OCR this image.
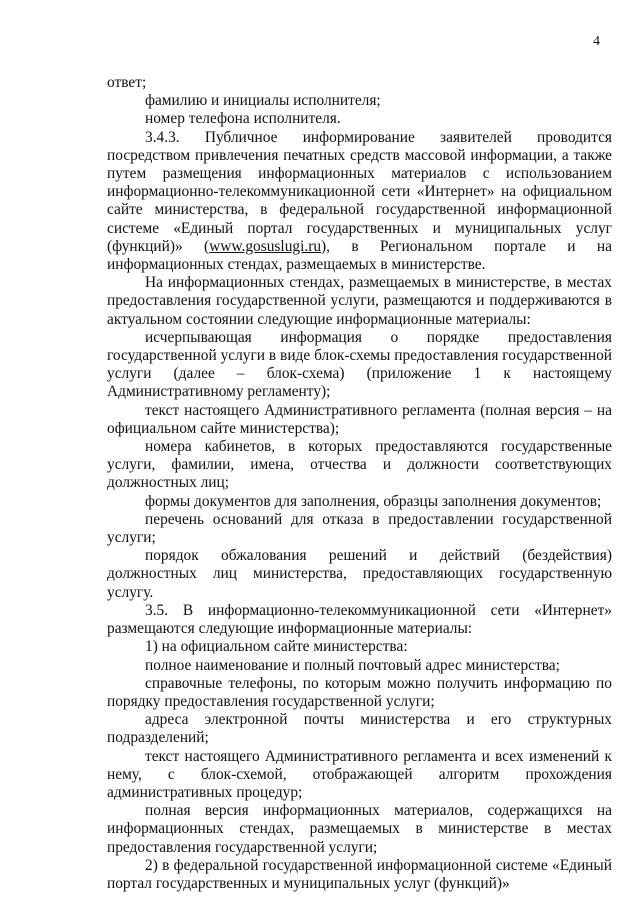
4

ответ;

фамилию и инициалы исполнителя;

номер телефона исполнителя.

3.4.3. Публичное информирование заявителей проводится посредством привлечения печатных средств массовой информации, а также путем размещения информационных материалов с использованием информационно-телекоммуникационной сети «Интернет» на официальном сайте министерства, в федеральной государственной информационной системе «Единый портал государственных и муниципальных услуг (функций)» (www.gosuslugi.ru), в Региональном портале и на информационных стендах, размещаемых в министерстве.

На информационных стендах, размещаемых в министерстве, в местах предоставления государственной услуги, размещаются и поддерживаются в актуальном состоянии следующие информационные материалы:

исчерпывающая информация о порядке предоставления государственной услуги в виде блок-схемы предоставления государственной услуги (далее – блок-схема) (приложение 1 к настоящему Административному регламенту);

текст настоящего Административного регламента (полная версия – на официальном сайте министерства);

номера кабинетов, в которых предоставляются государственные услуги, фамилии, имена, отчества и должности соответствующих должностных лиц;

формы документов для заполнения, образцы заполнения документов;

перечень оснований для отказа в предоставлении государственной услуги;

порядок обжалования решений и действий (бездействия) должностных лиц министерства, предоставляющих государственную услугу.

3.5. В информационно-телекоммуникационной сети «Интернет» размещаются следующие информационные материалы:

1) на официальном сайте министерства:

полное наименование и полный почтовый адрес министерства;

справочные телефоны, по которым можно получить информацию по порядку предоставления государственной услуги;

адреса электронной почты министерства и его структурных подразделений;

текст настоящего Административного регламента и всех изменений к нему, с блок-схемой, отображающей алгоритм прохождения административных процедур;

полная версия информационных материалов, содержащихся на информационных стендах, размещаемых в министерстве в местах предоставления государственной услуги;

2) в федеральной государственной информационной системе «Единый портал государственных и муниципальных услуг (функций)»
